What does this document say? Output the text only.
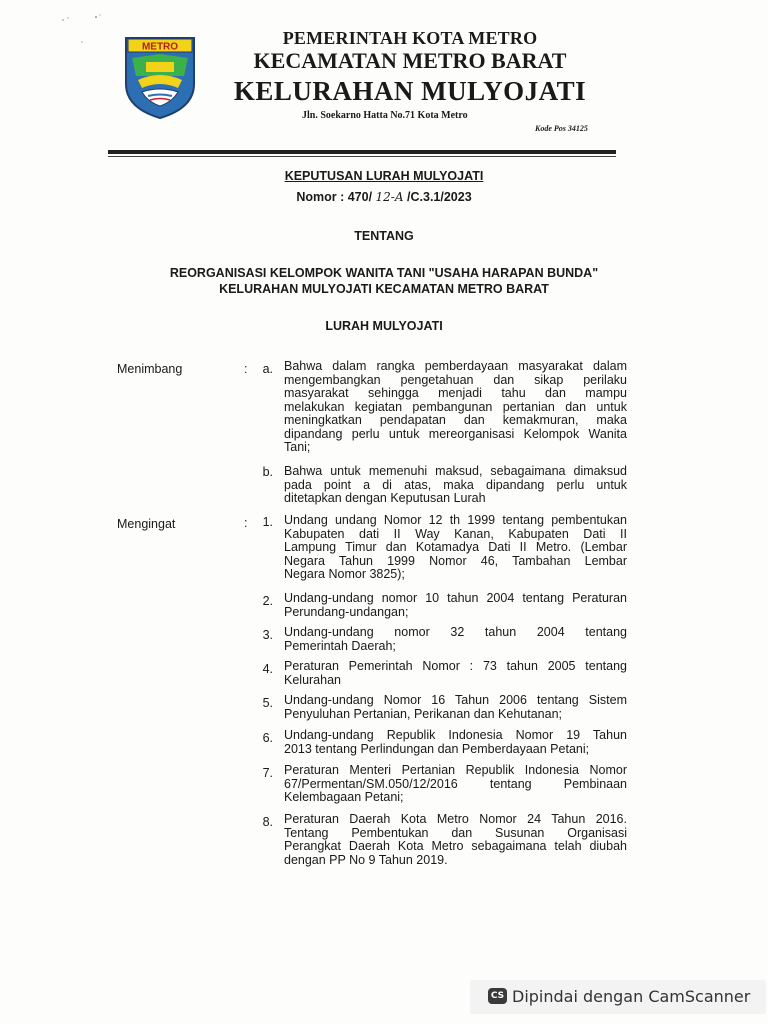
METRO	PEMERINTAH KOTA METRO
KECAMATAN METRO BARAT
KELURAHAN MULYOJATI
Jln. Soekarno Hatta No.71 Kota Metro
Kode Pos 34125
KEPUTUSAN LURAH MULYOJATI
Nomor : 470/ 12-A /C.3.1/2023
TENTANG
REORGANISASI KELOMPOK WANITA TANI "USAHA HARAPAN BUNDA"
KELURAHAN MULYOJATI KECAMATAN METRO BARAT
LURAH MULYOJATI
Menimbang	:	a. Bahwa dalam rangka pemberdayaan masyarakat dalam
mengembangkan pengetahuan dan sikap perilaku
masyarakat sehingga menjadi tahu dan mampu
melakukan kegiatan pembangunan pertanian dan untuk
meningkatkan pendapatan dan kemakmuran, maka
dipandang perlu untuk mereorganisasi Kelompok Wanita
Tani;
b. Bahwa untuk memenuhi maksud, sebagaimana dimaksud
pada point a di atas, maka dipandang perlu untuk
ditetapkan dengan Keputusan Lurah
Mengingat	:	1. Undang undang Nomor 12 th 1999 tentang pembentukan
Kabupaten dati II Way Kanan, Kabupaten Dati II
Lampung Timur dan Kotamadya Dati II Metro. (Lembar
Negara Tahun 1999 Nomor 46, Tambahan Lembar
Negara Nomor 3825);
2. Undang-undang nomor 10 tahun 2004 tentang Peraturan
Perundang-undangan;
3. Undang-undang nomor 32 tahun 2004 tentang
Pemerintah Daerah;
4. Peraturan Pemerintah Nomor : 73 tahun 2005 tentang
Kelurahan
5. Undang-undang Nomor 16 Tahun 2006 tentang Sistem
Penyuluhan Pertanian, Perikanan dan Kehutanan;
6. Undang-undang Republik Indonesia Nomor 19 Tahun
2013 tentang Perlindungan dan Pemberdayaan Petani;
7. Peraturan Menteri Pertanian Republik Indonesia Nomor
67/Permentan/SM.050/12/2016 tentang Pembinaan
Kelembagaan Petani;
8. Peraturan Daerah Kota Metro Nomor 24 Tahun 2016.
Tentang Pembentukan dan Susunan Organisasi
Perangkat Daerah Kota Metro sebagaimana telah diubah
dengan PP No 9 Tahun 2019.
CS Dipindai dengan CamScanner
